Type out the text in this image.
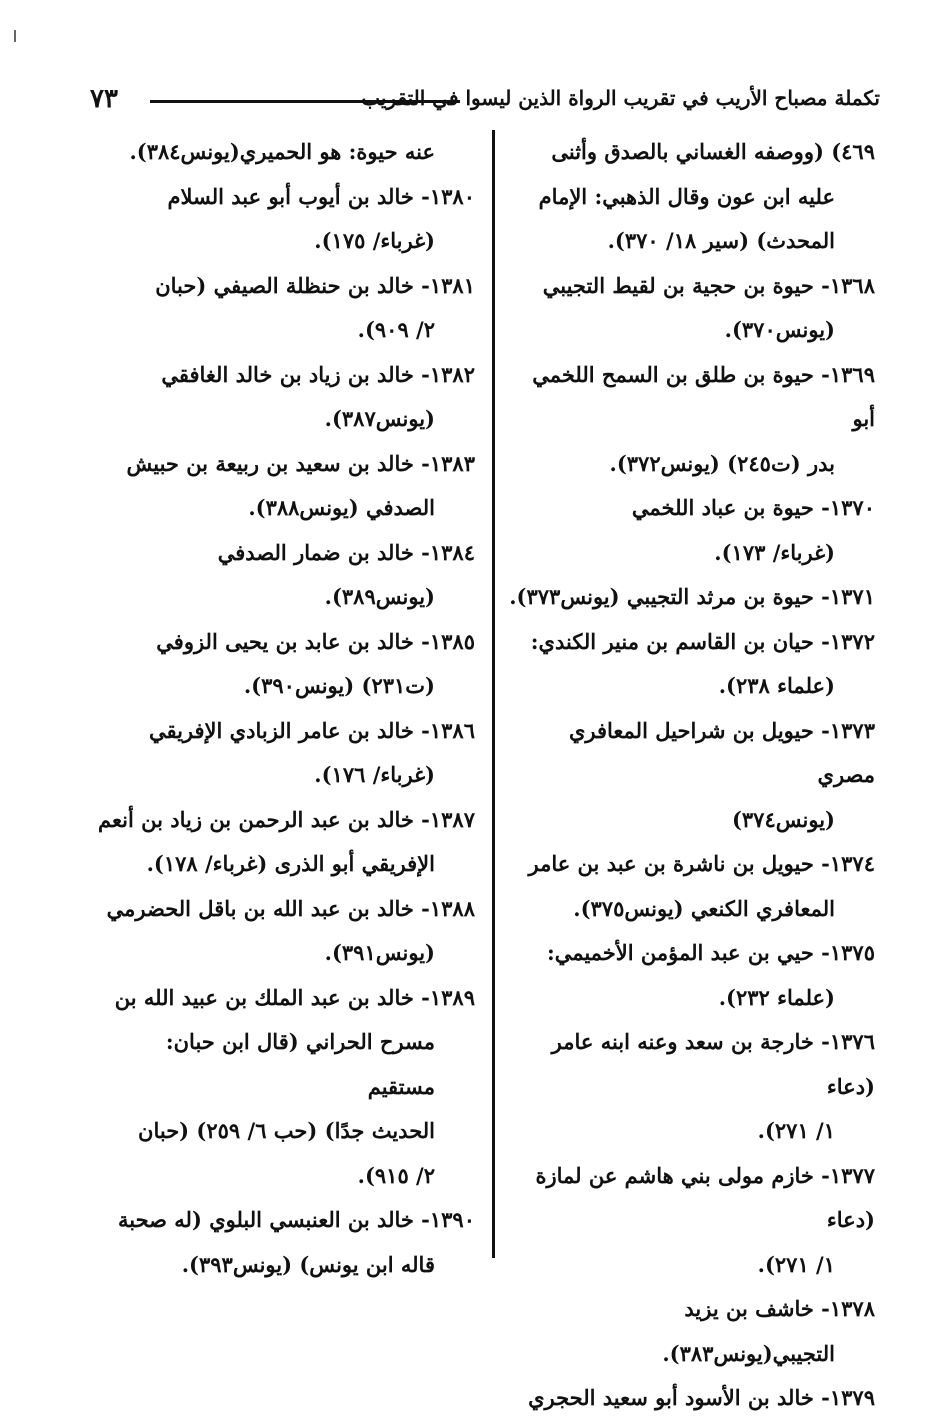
تكملة مصباح الأريب في تقريب الرواة الذين ليسوا في التقريب
٧٣
٤٦٩) (ووصفه الغساني بالصدق وأثنى
عليه ابن عون وقال الذهبي: الإمام
المحدث) (سير ١٨/ ٣٧٠).
١٣٦٨- حيوة بن حجية بن لقيط التجيبي
(يونس٣٧٠).
١٣٦٩- حيوة بن طلق بن السمح اللخمي أبو
بدر (ت٢٤٥) (يونس٣٧٢).
١٣٧٠- حيوة بن عباد اللخمي
(غرباء/ ١٧٣).
١٣٧١- حيوة بن مرثد التجيبي (يونس٣٧٣).
١٣٧٢- حيان بن القاسم بن منير الكندي:
(علماء ٢٣٨).
١٣٧٣- حيويل بن شراحيل المعافري مصري
(يونس٣٧٤)
١٣٧٤- حيويل بن ناشرة بن عبد بن عامر
المعافري الكنعي (يونس٣٧٥).
١٣٧٥- حيي بن عبد المؤمن الأخميمي:
(علماء ٢٣٢).
١٣٧٦- خارجة بن سعد وعنه ابنه عامر (دعاء
١/ ٢٧١).
١٣٧٧- خازم مولى بني هاشم عن لمازة (دعاء
١/ ٢٧١).
١٣٧٨- خاشف بن يزيد
التجيبي(يونس٣٨٣).
١٣٧٩- خالد بن الأسود أبو سعيد الحجري
عنه حيوة: هو الحميري(يونس٣٨٤).
١٣٨٠- خالد بن أيوب أبو عبد السلام
(غرباء/ ١٧٥).
١٣٨١- خالد بن حنظلة الصيفي (حبان
٢/ ٩٠٩).
١٣٨٢- خالد بن زياد بن خالد الغافقي
(يونس٣٨٧).
١٣٨٣- خالد بن سعيد بن ربيعة بن حبيش
الصدفي (يونس٣٨٨).
١٣٨٤- خالد بن ضمار الصدفي
(يونس٣٨٩).
١٣٨٥- خالد بن عابد بن يحيى الزوفي
(ت٢٣١) (يونس٣٩٠).
١٣٨٦- خالد بن عامر الزبادي الإفريقي
(غرباء/ ١٧٦).
١٣٨٧- خالد بن عبد الرحمن بن زياد بن أنعم
الإفريقي أبو الذرى (غرباء/ ١٧٨).
١٣٨٨- خالد بن عبد الله بن باقل الحضرمي
(يونس٣٩١).
١٣٨٩- خالد بن عبد الملك بن عبيد الله بن
مسرح الحراني (قال ابن حبان: مستقيم
الحديث جدًا) (حب ٦/ ٢٥٩) (حبان
٢/ ٩١٥).
١٣٩٠- خالد بن العنبسي البلوي (له صحبة
قاله ابن يونس) (يونس٣٩٣).
